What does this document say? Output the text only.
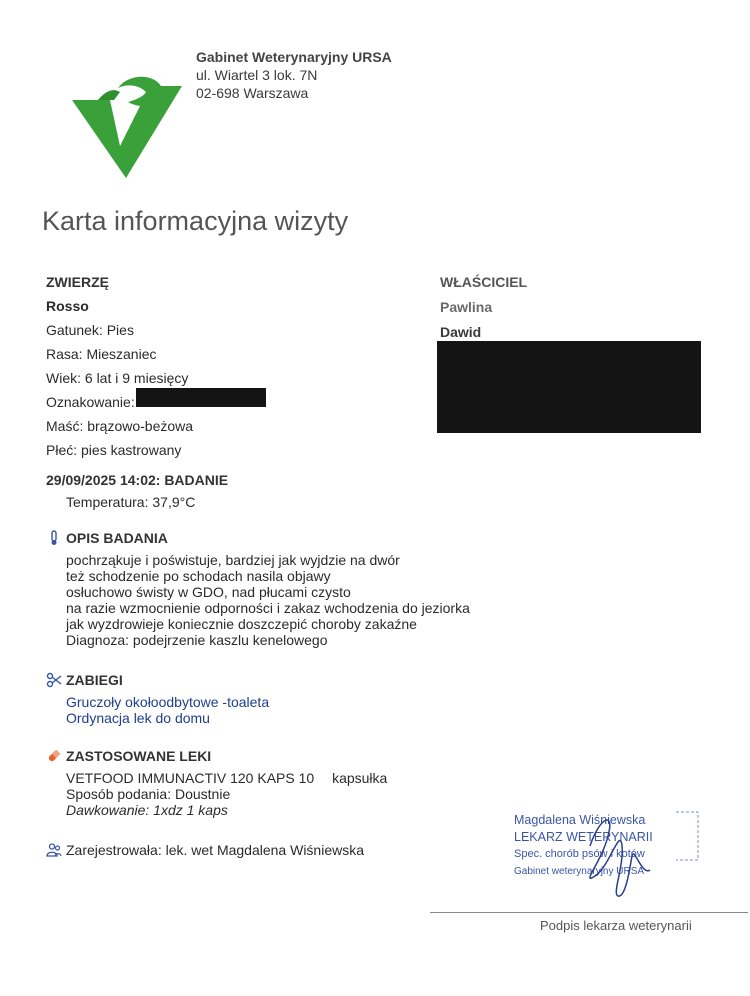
Gabinet Weterynaryjny URSA
ul. Wiartel 3 lok. 7N
02-698 Warszawa
Karta informacyjna wizyty
ZWIERZĘ
Rosso
Gatunek: Pies
Rasa: Mieszaniec
Wiek: 6 lat i 9 miesięcy
Oznakowanie:
Maść: brązowo-beżowa
Płeć: pies kastrowany
WŁAŚCICIEL
Pawlina
Dawid
29/09/2025 14:02: BADANIE
Temperatura: 37,9°C
OPIS BADANIA
pochrząkuje i poświstuje, bardziej jak wyjdzie na dwór
też schodzenie po schodach nasila objawy
osłuchowo świsty w GDO, nad płucami czysto
na razie wzmocnienie odporności i zakaz wchodzenia do jeziorka
jak wyzdrowieje koniecznie doszczepić choroby zakaźne
Diagnoza: podejrzenie kaszlu kenelowego
ZABIEGI
Gruczoły okołoodbytowe -toaleta
Ordynacja lek do domu
ZASTOSOWANE LEKI
VETFOOD IMMUNACTIV 120 KAPS 10 kapsułka
Sposób podania: Doustnie
Dawkowanie: 1xdz 1 kaps
Zarejestrowała: lek. wet Magdalena Wiśniewska
Magdalena Wiśniewska
LEKARZ WETERYNARII
Spec. chorób psów i kotów
Gabinet weterynaryjny URSA
Podpis lekarza weterynarii
